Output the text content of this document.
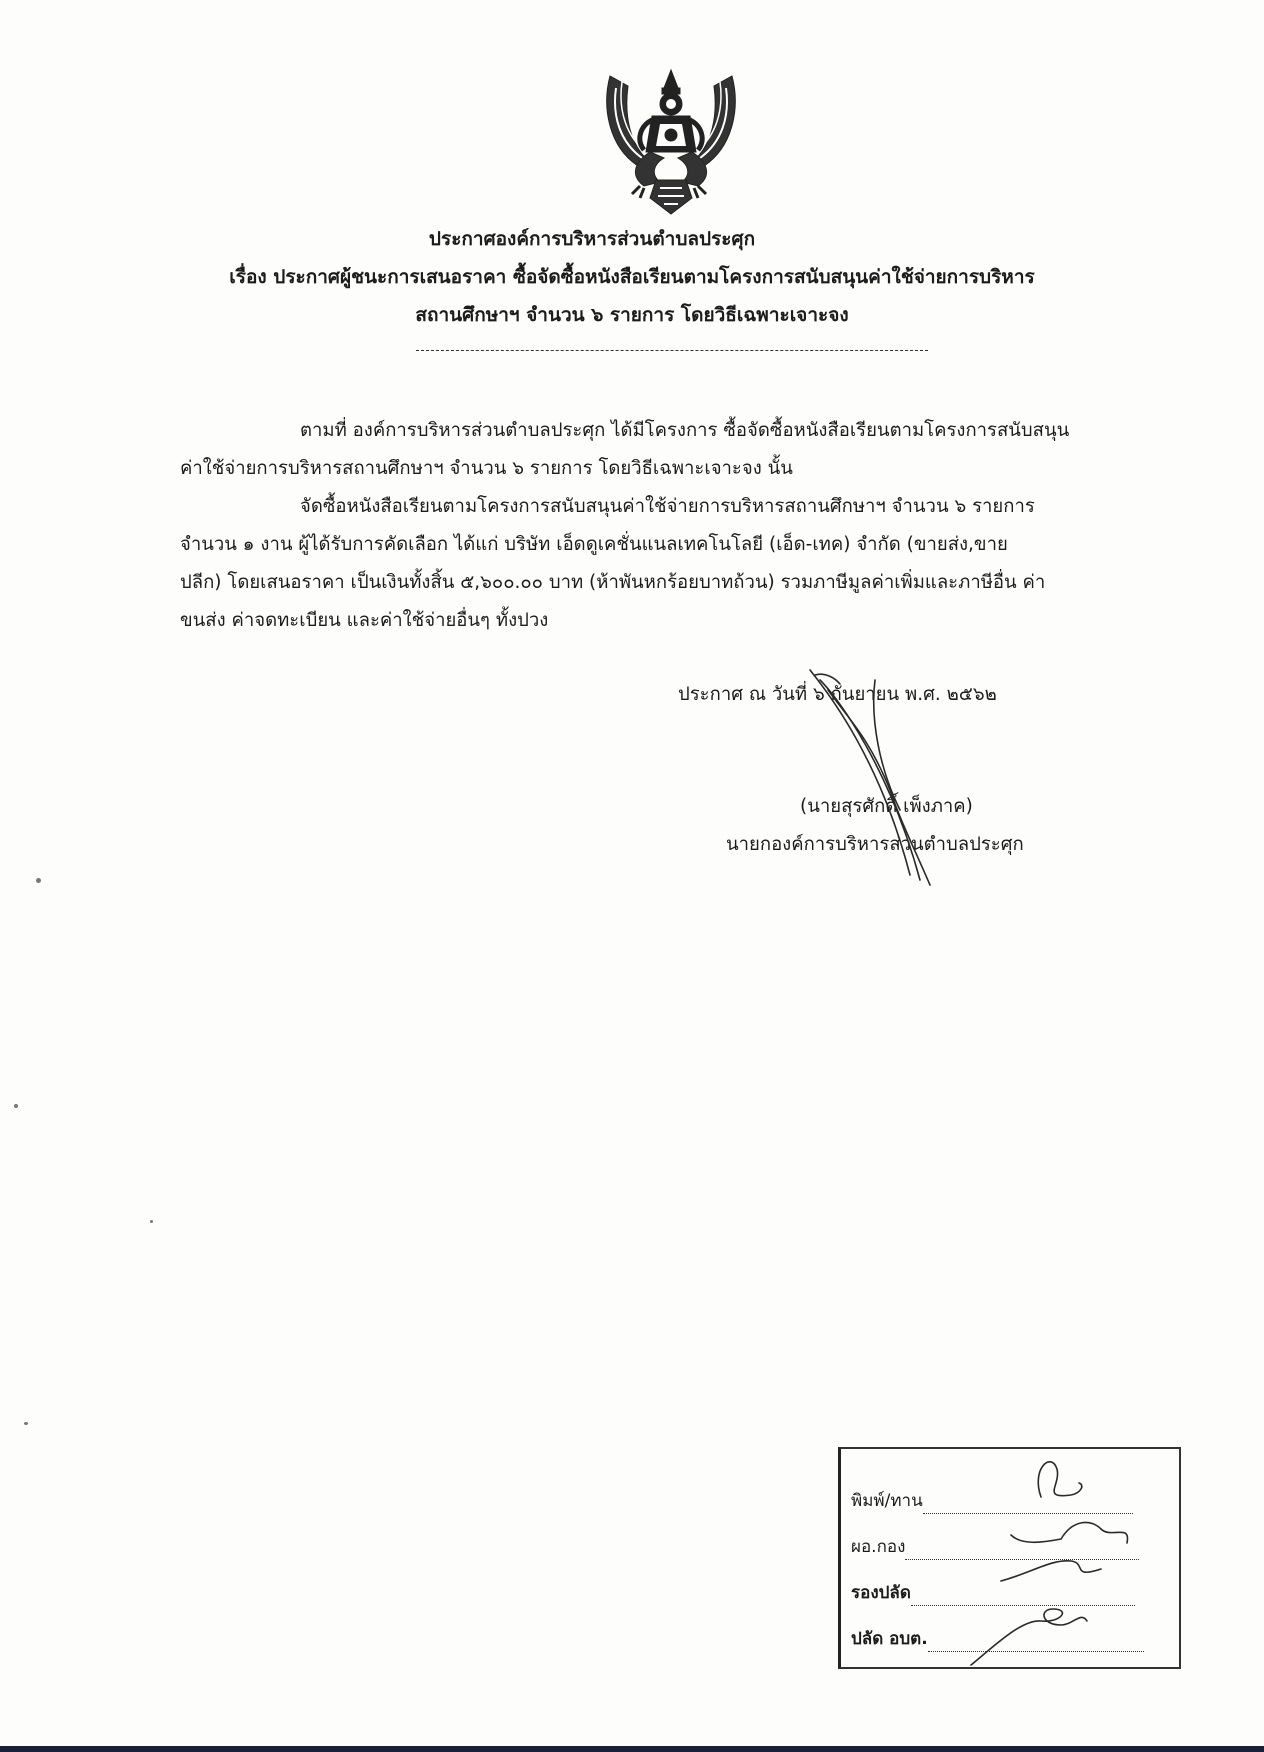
ประกาศองค์การบริหารส่วนตำบลประศุก
เรื่อง ประกาศผู้ชนะการเสนอราคา ซื้อจัดซื้อหนังสือเรียนตามโครงการสนับสนุนค่าใช้จ่ายการบริหาร
สถานศึกษาฯ จำนวน ๖ รายการ โดยวิธีเฉพาะเจาะจง
ตามที่ องค์การบริหารส่วนตำบลประศุก ได้มีโครงการ ซื้อจัดซื้อหนังสือเรียนตามโครงการสนับสนุน
ค่าใช้จ่ายการบริหารสถานศึกษาฯ จำนวน ๖ รายการ โดยวิธีเฉพาะเจาะจง นั้น
จัดซื้อหนังสือเรียนตามโครงการสนับสนุนค่าใช้จ่ายการบริหารสถานศึกษาฯ จำนวน ๖ รายการ
จำนวน ๑ งาน ผู้ได้รับการคัดเลือก ได้แก่ บริษัท เอ็ดดูเคชั่นแนลเทคโนโลยี (เอ็ด-เทค) จำกัด (ขายส่ง,ขาย
ปลีก) โดยเสนอราคา เป็นเงินทั้งสิ้น ๕,๖๐๐.๐๐ บาท (ห้าพันหกร้อยบาทถ้วน) รวมภาษีมูลค่าเพิ่มและภาษีอื่น ค่า
ขนส่ง ค่าจดทะเบียน และค่าใช้จ่ายอื่นๆ ทั้งปวง
ประกาศ ณ วันที่ ๖ กันยายน พ.ศ. ๒๕๖๒
(นายสุรศักดิ์ เพ็งภาค)
นายกองค์การบริหารส่วนตำบลประศุก
พิมพ์/ทาน
ผอ.กอง
รองปลัด
ปลัด อบต.
